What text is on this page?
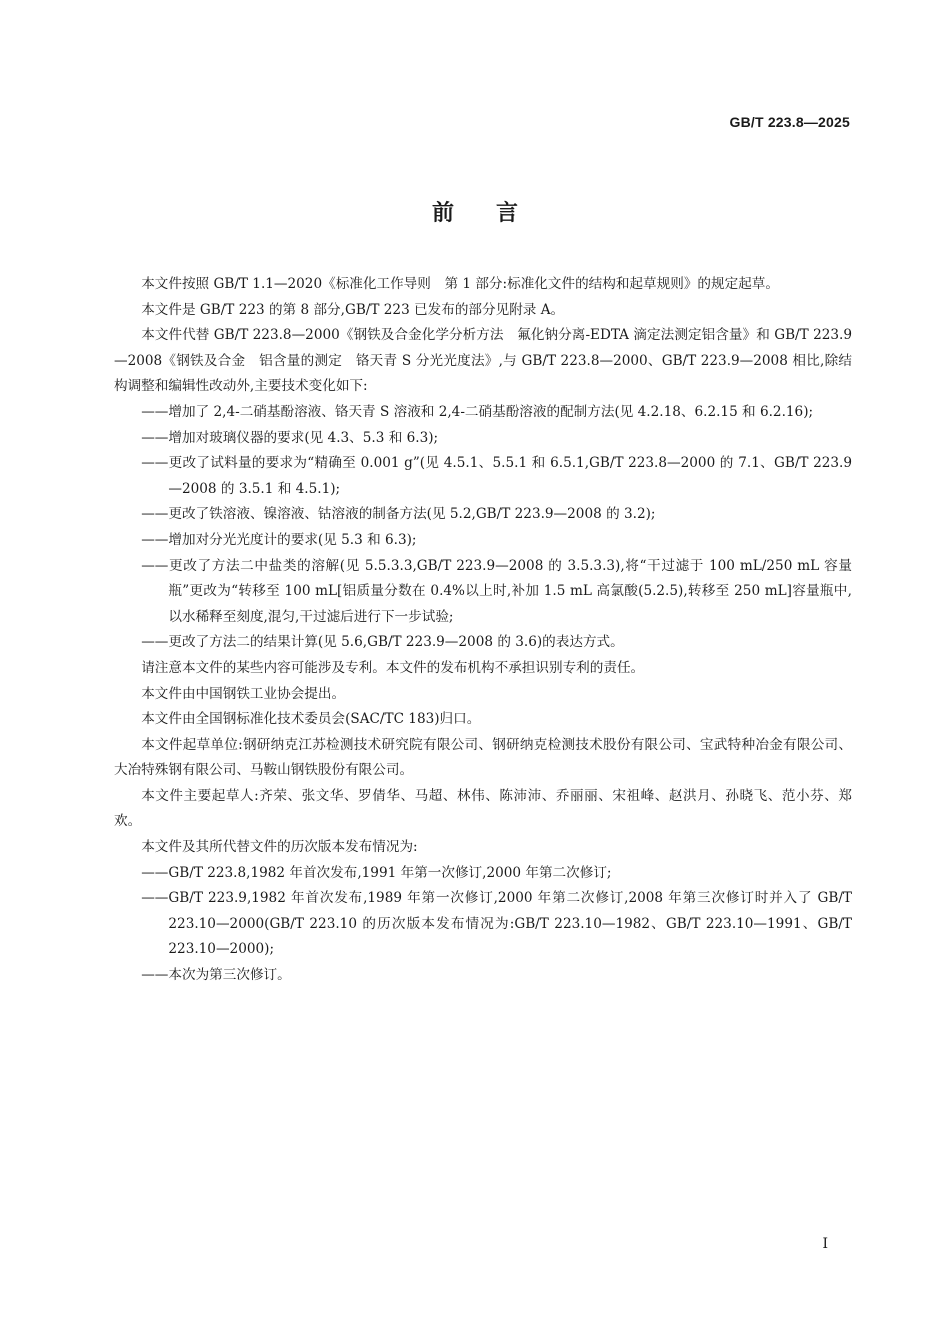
GB/T 223.8—2025
前言

本文件按照 GB/T 1.1—2020《标准化工作导则　第 1 部分:标准化文件的结构和起草规则》的规定起草。

本文件是 GB/T 223 的第 8 部分,GB/T 223 已发布的部分见附录 A。

本文件代替 GB/T 223.8—2000《钢铁及合金化学分析方法　氟化钠分离-EDTA 滴定法测定铝含量》和 GB/T 223.9—2008《钢铁及合金　铝含量的测定　铬天青 S 分光光度法》,与 GB/T 223.8—2000、GB/T 223.9—2008 相比,除结构调整和编辑性改动外,主要技术变化如下:

——增加了 2,4-二硝基酚溶液、铬天青 S 溶液和 2,4-二硝基酚溶液的配制方法(见 4.2.18、6.2.15 和 6.2.16);

——增加对玻璃仪器的要求(见 4.3、5.3 和 6.3);

——更改了试料量的要求为“精确至 0.001 g”(见 4.5.1、5.5.1 和 6.5.1,GB/T 223.8—2000 的 7.1、GB/T 223.9—2008 的 3.5.1 和 4.5.1);

——更改了铁溶液、镍溶液、钴溶液的制备方法(见 5.2,GB/T 223.9—2008 的 3.2);

——增加对分光光度计的要求(见 5.3 和 6.3);

——更改了方法二中盐类的溶解(见 5.5.3.3,GB/T 223.9—2008 的 3.5.3.3),将“干过滤于 100 mL/250 mL 容量瓶”更改为“转移至 100 mL[铝质量分数在 0.4%以上时,补加 1.5 mL 高氯酸(5.2.5),转移至 250 mL]容量瓶中,以水稀释至刻度,混匀,干过滤后进行下一步试验;

——更改了方法二的结果计算(见 5.6,GB/T 223.9—2008 的 3.6)的表达方式。

请注意本文件的某些内容可能涉及专利。本文件的发布机构不承担识别专利的责任。

本文件由中国钢铁工业协会提出。

本文件由全国钢标准化技术委员会(SAC/TC 183)归口。

本文件起草单位:钢研纳克江苏检测技术研究院有限公司、钢研纳克检测技术股份有限公司、宝武特种冶金有限公司、大冶特殊钢有限公司、马鞍山钢铁股份有限公司。

本文件主要起草人:齐荣、张文华、罗倩华、马超、林伟、陈沛沛、乔丽丽、宋祖峰、赵洪月、孙晓飞、范小芬、郑欢。

本文件及其所代替文件的历次版本发布情况为:

——GB/T 223.8,1982 年首次发布,1991 年第一次修订,2000 年第二次修订;

——GB/T 223.9,1982 年首次发布,1989 年第一次修订,2000 年第二次修订,2008 年第三次修订时并入了 GB/T 223.10—2000(GB/T 223.10 的历次版本发布情况为:GB/T 223.10—1982、GB/T 223.10—1991、GB/T 223.10—2000);

——本次为第三次修订。

I
